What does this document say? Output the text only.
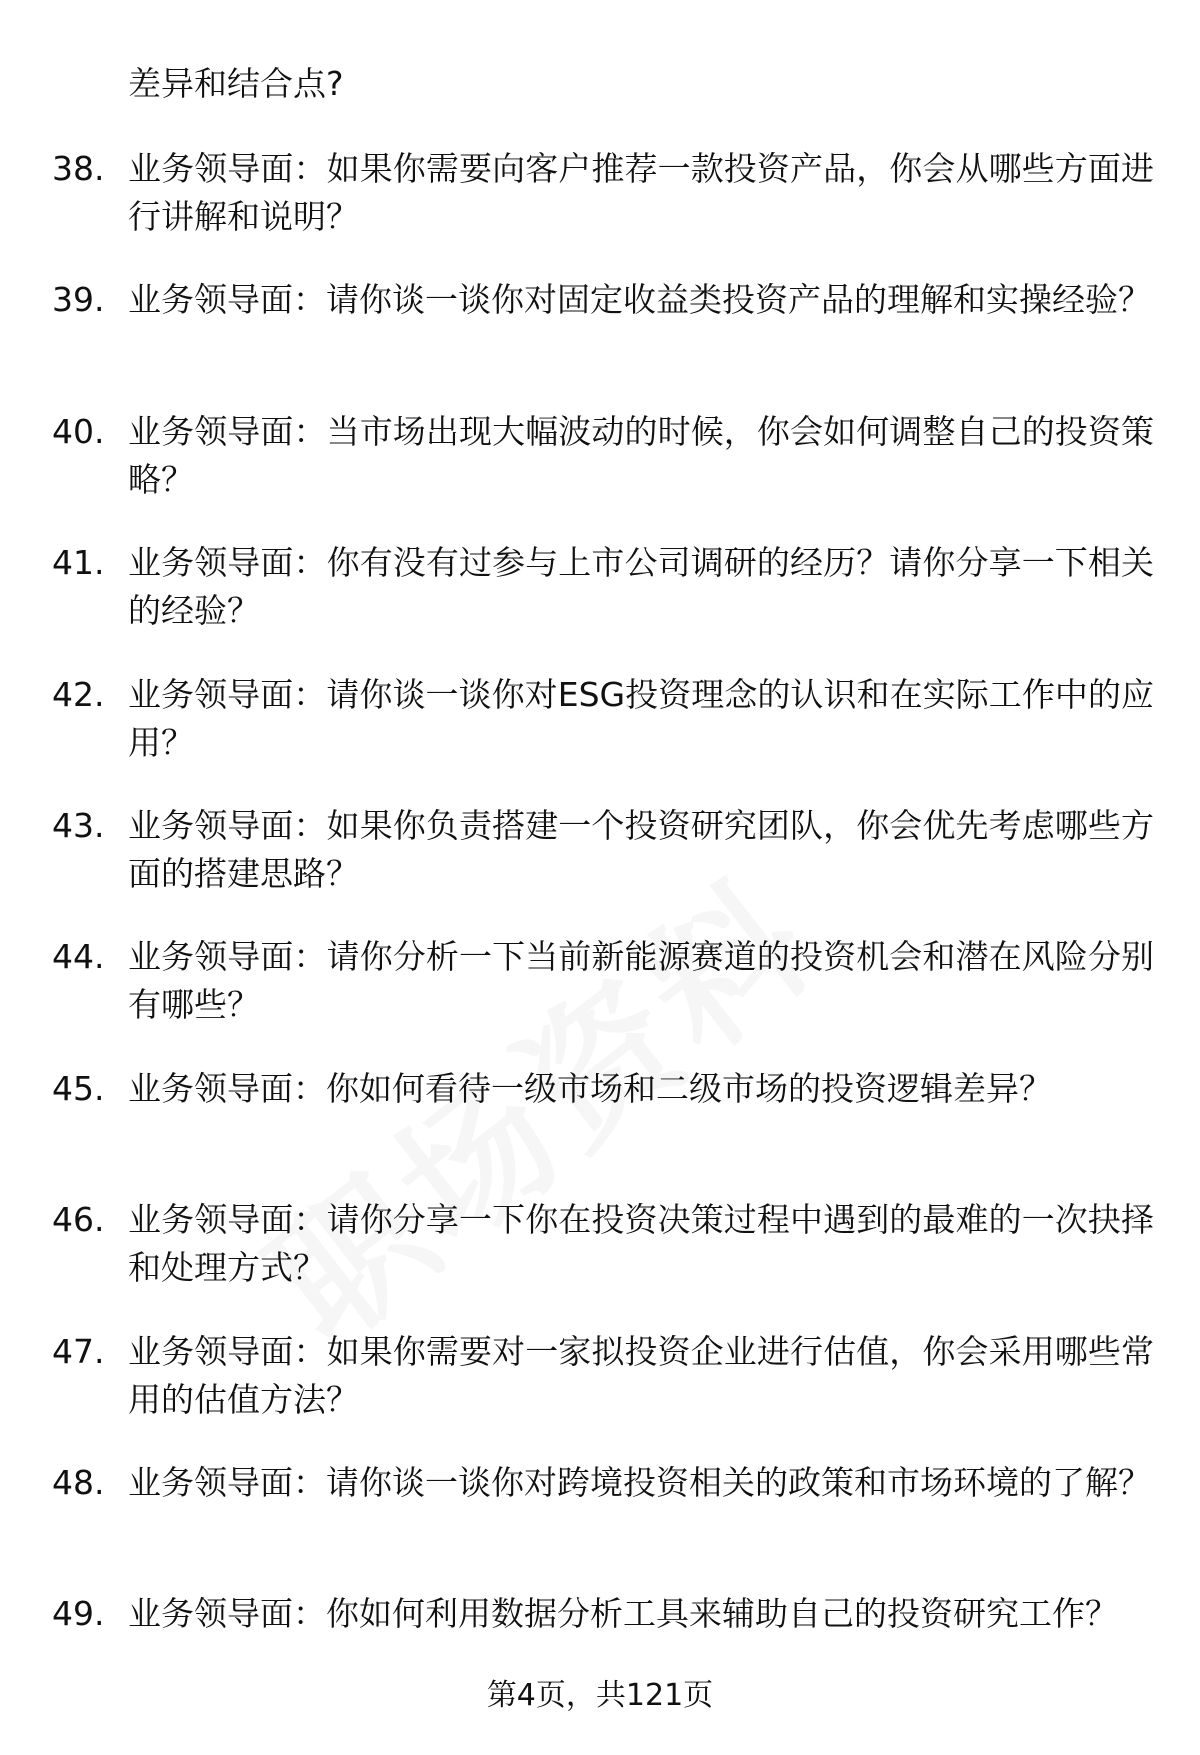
差异和结合点?
38. 业务领导面：如果你需要向客户推荐一款投资产品，你会从哪些方面进行讲解和说明？
39. 业务领导面：请你谈一谈你对固定收益类投资产品的理解和实操经验？
40. 业务领导面：当市场出现大幅波动的时候，你会如何调整自己的投资策略？
41. 业务领导面：你有没有过参与上市公司调研的经历？请你分享一下相关的经验？
42. 业务领导面：请你谈一谈你对ESG投资理念的认识和在实际工作中的应用？
43. 业务领导面：如果你负责搭建一个投资研究团队，你会优先考虑哪些方面的搭建思路？
44. 业务领导面：请你分析一下当前新能源赛道的投资机会和潜在风险分别有哪些？
45. 业务领导面：你如何看待一级市场和二级市场的投资逻辑差异？
46. 业务领导面：请你分享一下你在投资决策过程中遇到的最难的一次抉择和处理方式？
47. 业务领导面：如果你需要对一家拟投资企业进行估值，你会采用哪些常用的估值方法？
48. 业务领导面：请你谈一谈你对跨境投资相关的政策和市场环境的了解？
49. 业务领导面：你如何利用数据分析工具来辅助自己的投资研究工作？
第4页，共121页
